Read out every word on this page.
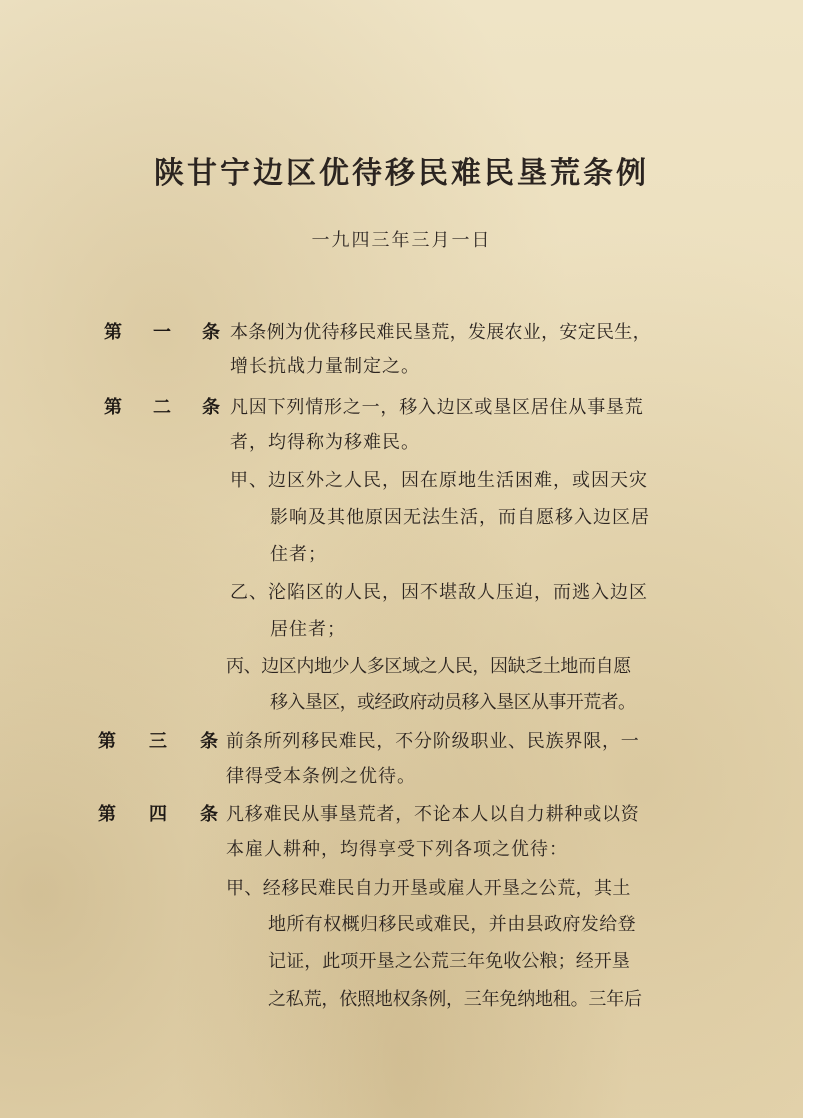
陕甘宁边区优待移民难民垦荒条例
一九四三年三月一日
第 一 条 本条例为优待移民难民垦荒，发展农业，安定民生，
增长抗战力量制定之。
第 二 条 凡因下列情形之一，移入边区或垦区居住从事垦荒
者，均得称为移难民。
甲、边区外之人民，因在原地生活困难，或因天灾
影响及其他原因无法生活，而自愿移入边区居
住者；
乙、沦陷区的人民，因不堪敌人压迫，而逃入边区
居住者；
丙、边区内地少人多区域之人民，因缺乏土地而自愿
移入垦区，或经政府动员移入垦区从事开荒者。
第 三 条 前条所列移民难民，不分阶级职业、民族界限，一
律得受本条例之优待。
第 四 条 凡移难民从事垦荒者，不论本人以自力耕种或以资
本雇人耕种，均得享受下列各项之优待：
甲、经移民难民自力开垦或雇人开垦之公荒，其土
地所有权概归移民或难民，并由县政府发给登
记证，此项开垦之公荒三年免收公粮；经开垦
之私荒，依照地权条例，三年免纳地租。三年后
